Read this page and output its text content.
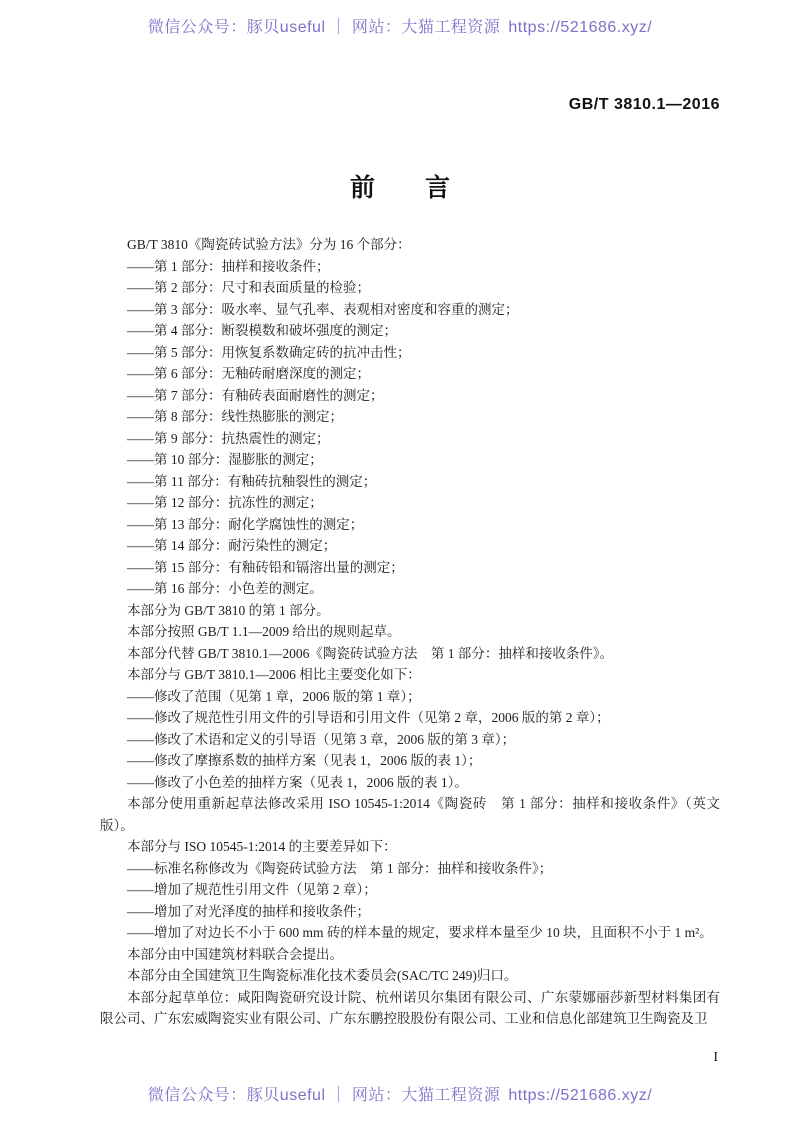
微信公众号：豚贝useful ｜ 网站：大猫工程资源 https://521686.xyz/
GB/T 3810.1—2016
前　　言

GB/T 3810《陶瓷砖试验方法》分为 16 个部分：

——第 1 部分：抽样和接收条件；

——第 2 部分：尺寸和表面质量的检验；

——第 3 部分：吸水率、显气孔率、表观相对密度和容重的测定；

——第 4 部分：断裂模数和破坏强度的测定；

——第 5 部分：用恢复系数确定砖的抗冲击性；

——第 6 部分：无釉砖耐磨深度的测定；

——第 7 部分：有釉砖表面耐磨性的测定；

——第 8 部分：线性热膨胀的测定；

——第 9 部分：抗热震性的测定；

——第 10 部分：湿膨胀的测定；

——第 11 部分：有釉砖抗釉裂性的测定；

——第 12 部分：抗冻性的测定；

——第 13 部分：耐化学腐蚀性的测定；

——第 14 部分：耐污染性的测定；

——第 15 部分：有釉砖铅和镉溶出量的测定；

——第 16 部分：小色差的测定。

本部分为 GB/T 3810 的第 1 部分。

本部分按照 GB/T 1.1—2009 给出的规则起草。

本部分代替 GB/T 3810.1—2006《陶瓷砖试验方法　第 1 部分：抽样和接收条件》。

本部分与 GB/T 3810.1—2006 相比主要变化如下：

——修改了范围（见第 1 章，2006 版的第 1 章）；

——修改了规范性引用文件的引导语和引用文件（见第 2 章，2006 版的第 2 章）；

——修改了术语和定义的引导语（见第 3 章，2006 版的第 3 章）；

——修改了摩擦系数的抽样方案（见表 1，2006 版的表 1）；

——修改了小色差的抽样方案（见表 1，2006 版的表 1）。

本部分使用重新起草法修改采用 ISO 10545-1:2014《陶瓷砖　第 1 部分：抽样和接收条件》（英文版）。

本部分与 ISO 10545-1:2014 的主要差异如下：

——标准名称修改为《陶瓷砖试验方法　第 1 部分：抽样和接收条件》；

——增加了规范性引用文件（见第 2 章）；

——增加了对光泽度的抽样和接收条件；

——增加了对边长不小于 600 mm 砖的样本量的规定，要求样本量至少 10 块，且面积不小于 1 m²。

本部分由中国建筑材料联合会提出。

本部分由全国建筑卫生陶瓷标准化技术委员会(SAC/TC 249)归口。

本部分起草单位：咸阳陶瓷研究设计院、杭州诺贝尔集团有限公司、广东蒙娜丽莎新型材料集团有限公司、广东宏威陶瓷实业有限公司、广东东鹏控股股份有限公司、工业和信息化部建筑卫生陶瓷及卫

I
微信公众号：豚贝useful ｜ 网站：大猫工程资源 https://521686.xyz/
